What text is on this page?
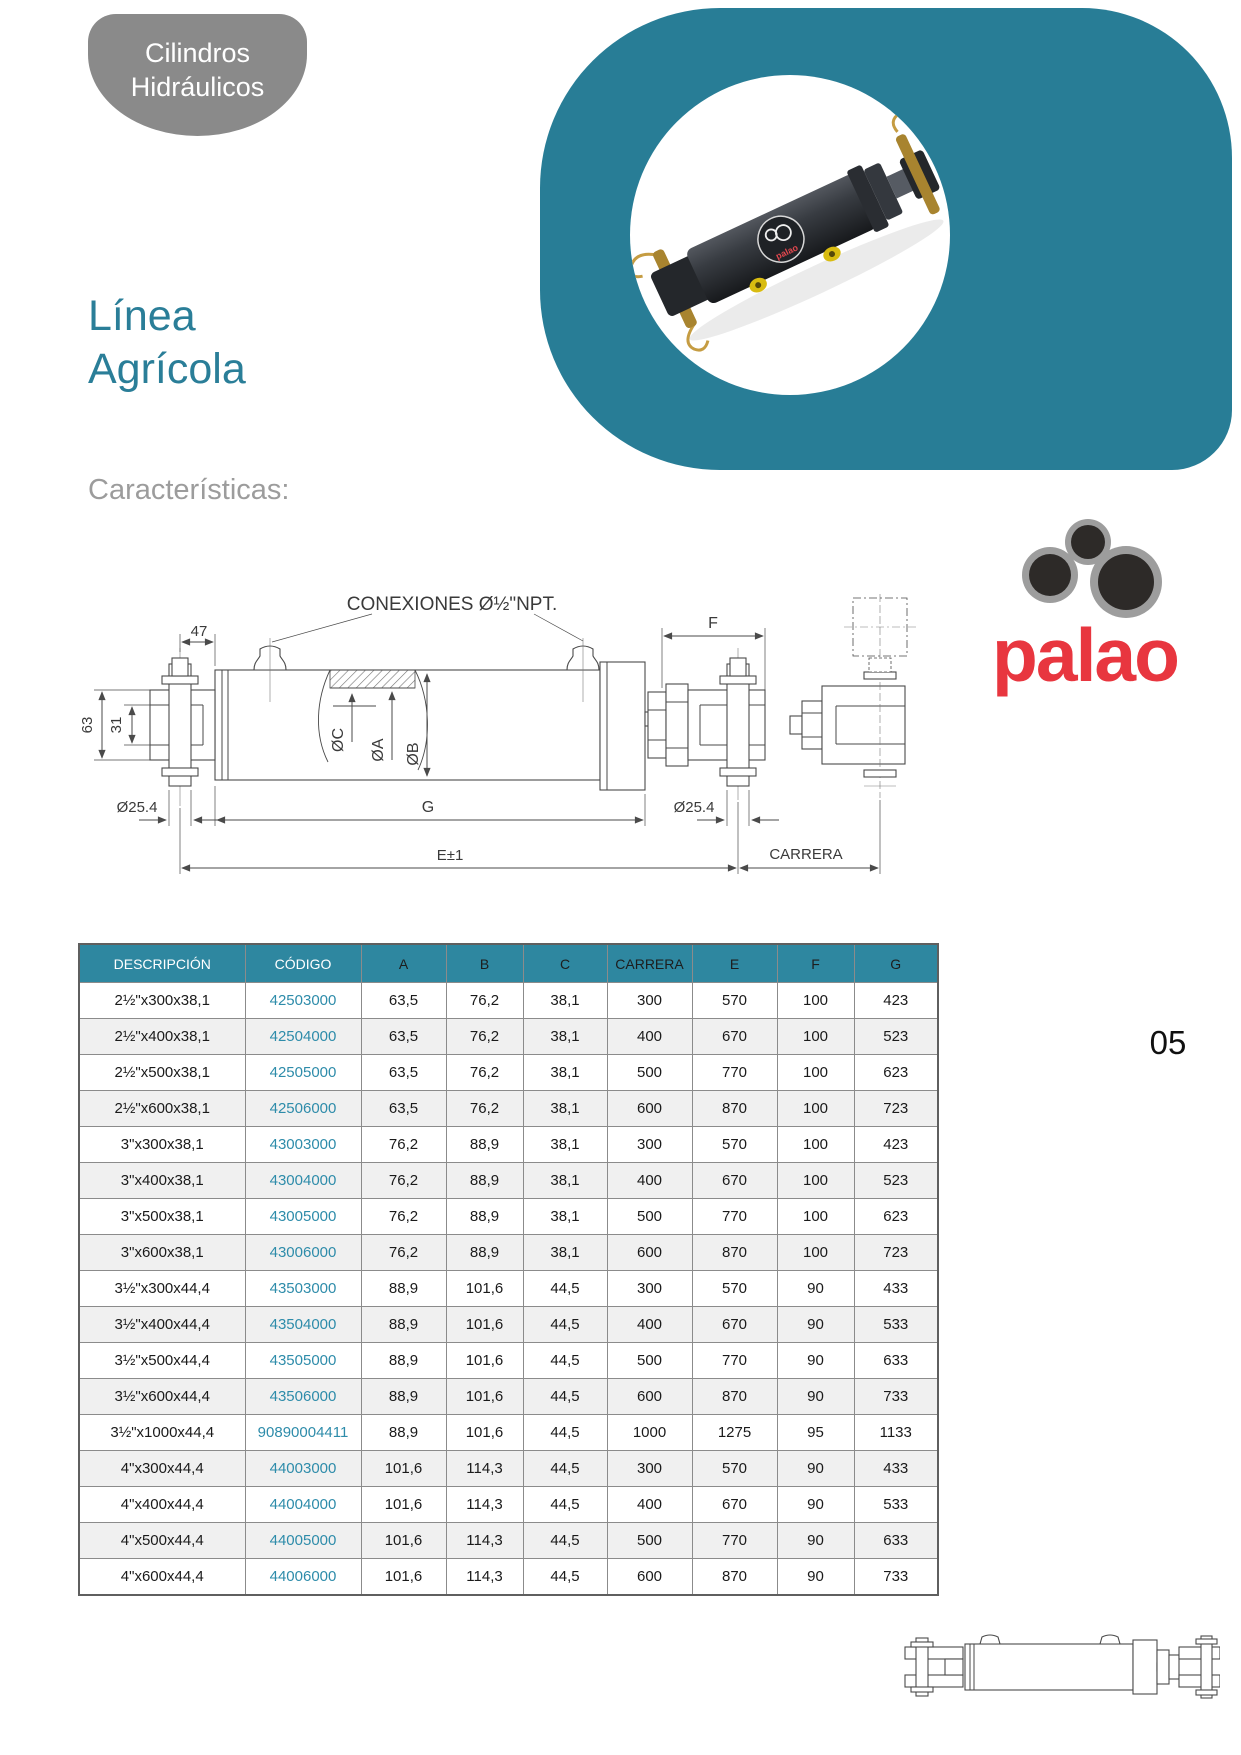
Cilindros
Hidráulicos
palao
Línea
Agrícola
Características:
CONEXIONES Ø½"NPT.
47
63 31
ØC ØA ØB
F
Ø25.4	G	Ø25.4
E±1	CARRERA
palao
05
DESCRIPCIÓN	CÓDIGO	A	B	C	CARRERA	E	F	G
2½"x300x38,1	42503000	63,5	76,2	38,1	300	570	100	423
2½"x400x38,1	42504000	63,5	76,2	38,1	400	670	100	523
2½"x500x38,1	42505000	63,5	76,2	38,1	500	770	100	623
2½"x600x38,1	42506000	63,5	76,2	38,1	600	870	100	723
3"x300x38,1	43003000	76,2	88,9	38,1	300	570	100	423
3"x400x38,1	43004000	76,2	88,9	38,1	400	670	100	523
3"x500x38,1	43005000	76,2	88,9	38,1	500	770	100	623
3"x600x38,1	43006000	76,2	88,9	38,1	600	870	100	723
3½"x300x44,4	43503000	88,9	101,6	44,5	300	570	90	433
3½"x400x44,4	43504000	88,9	101,6	44,5	400	670	90	533
3½"x500x44,4	43505000	88,9	101,6	44,5	500	770	90	633
3½"x600x44,4	43506000	88,9	101,6	44,5	600	870	90	733
3½"x1000x44,4	90890004411	88,9	101,6	44,5	1000	1275	95	1133
4"x300x44,4	44003000	101,6	114,3	44,5	300	570	90	433
4"x400x44,4	44004000	101,6	114,3	44,5	400	670	90	533
4"x500x44,4	44005000	101,6	114,3	44,5	500	770	90	633
4"x600x44,4	44006000	101,6	114,3	44,5	600	870	90	733
